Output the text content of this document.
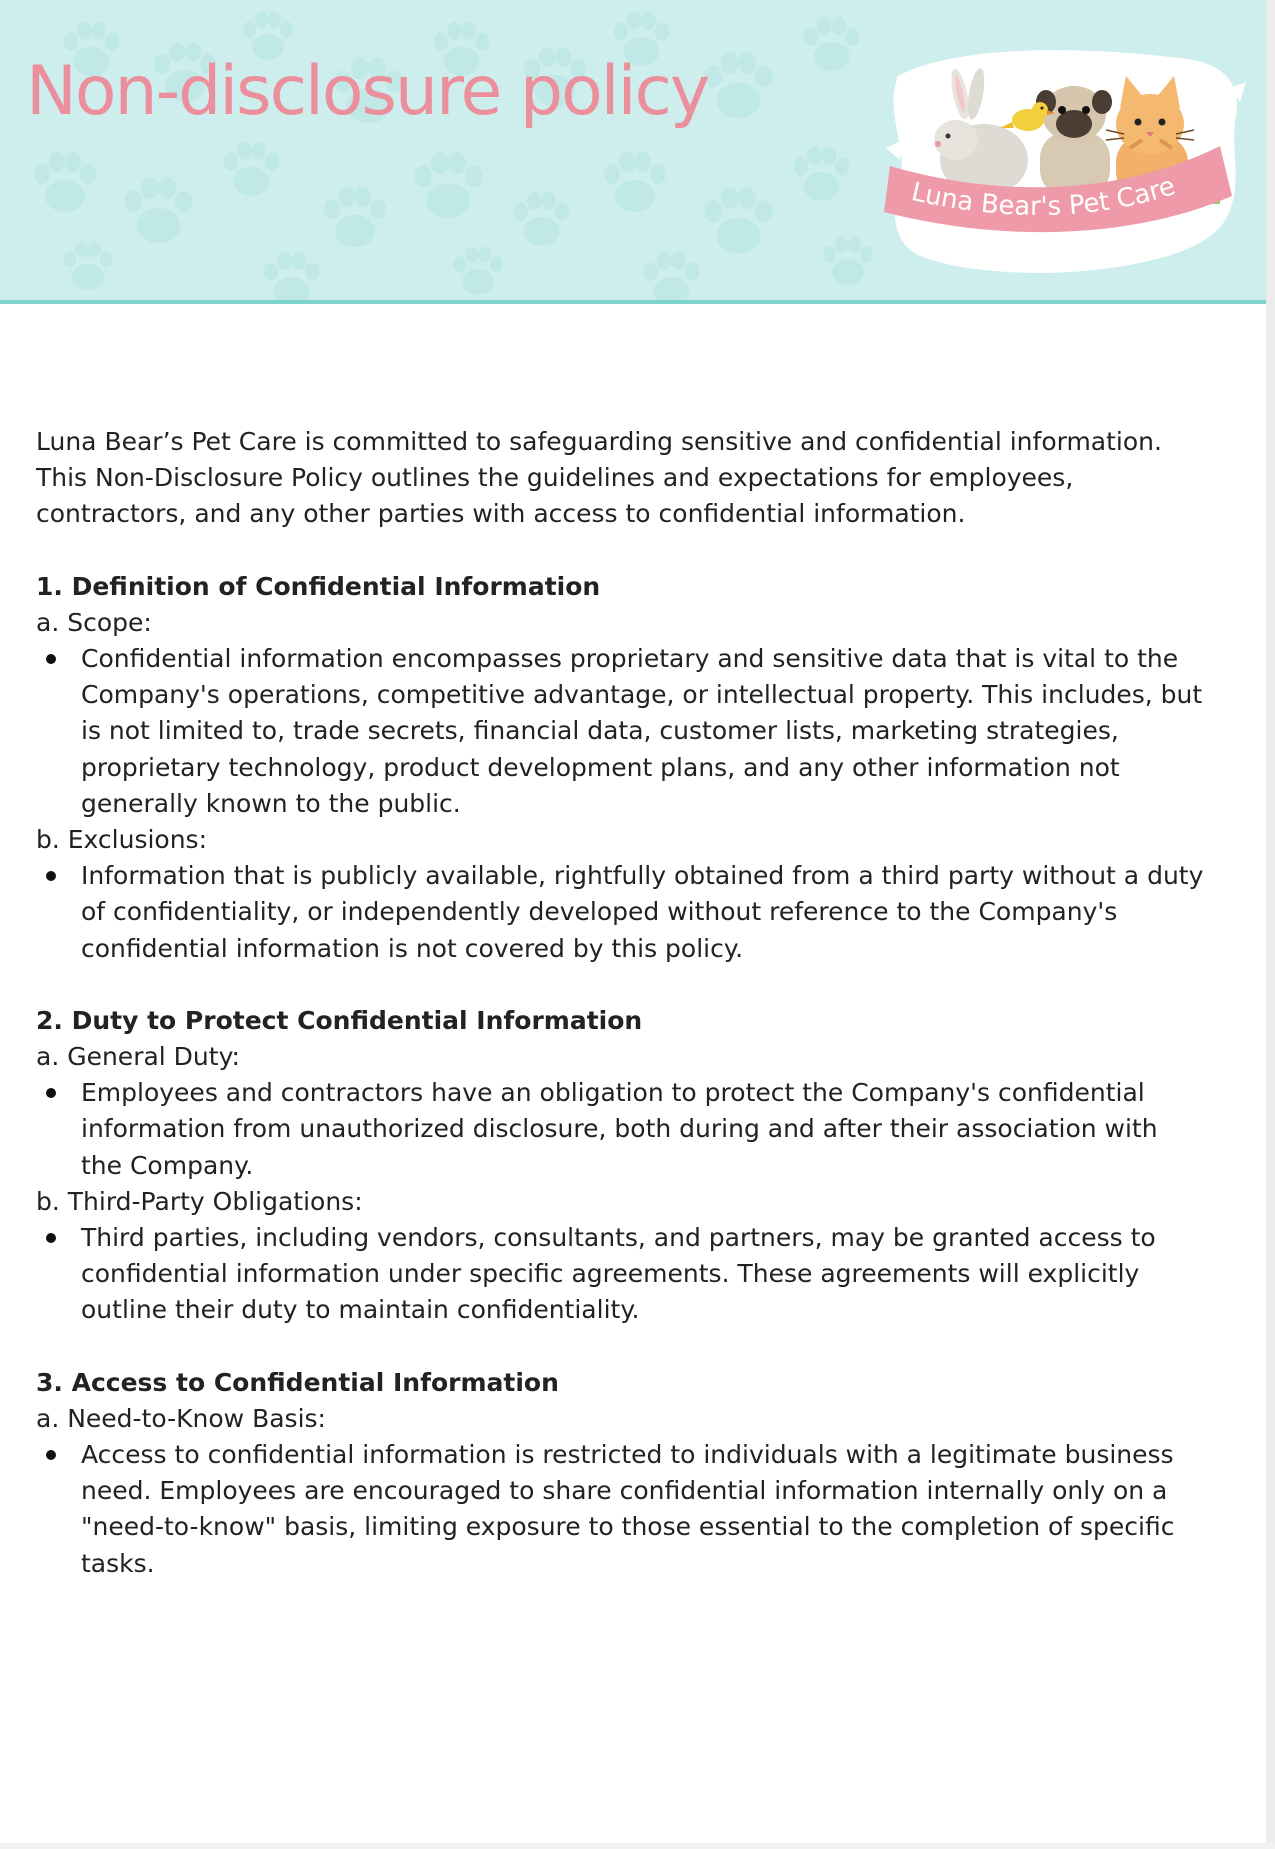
Non-disclosure policy
Luna Bear's Pet Care

Luna Bear’s Pet Care is committed to safeguarding sensitive and confidential information. This Non-Disclosure Policy outlines the guidelines and expectations for employees, contractors, and any other parties with access to confidential information.

1. Definition of Confidential Information

a. Scope:

Confidential information encompasses proprietary and sensitive data that is vital to the Company's operations, competitive advantage, or intellectual property. This includes, but is not limited to, trade secrets, financial data, customer lists, marketing strategies, proprietary technology, product development plans, and any other information not generally known to the public.

b. Exclusions:

Information that is publicly available, rightfully obtained from a third party without a duty of confidentiality, or independently developed without reference to the Company's confidential information is not covered by this policy.

2. Duty to Protect Confidential Information

a. General Duty:

Employees and contractors have an obligation to protect the Company's confidential information from unauthorized disclosure, both during and after their association with the Company.

b. Third-Party Obligations:

Third parties, including vendors, consultants, and partners, may be granted access to confidential information under specific agreements. These agreements will explicitly outline their duty to maintain confidentiality.

3. Access to Confidential Information

a. Need-to-Know Basis:

Access to confidential information is restricted to individuals with a legitimate business need. Employees are encouraged to share confidential information internally only on a "need-to-know" basis, limiting exposure to those essential to the completion of specific tasks.
